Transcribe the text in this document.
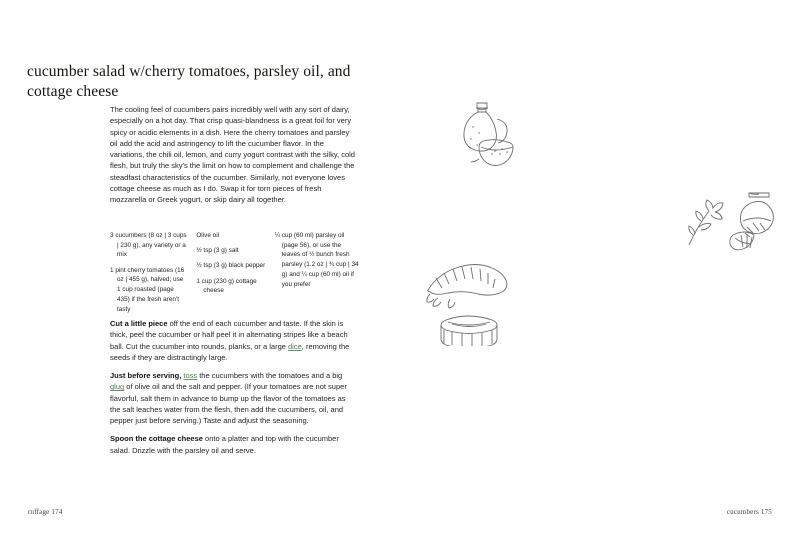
cucumber salad w/cherry tomatoes, parsley oil, and cottage cheese
The cooling feel of cucumbers pairs incredibly well with any sort of dairy, especially on a hot day. That crisp quasi-blandness is a great foil for very spicy or acidic elements in a dish. Here the cherry tomatoes and parsley oil add the acid and astringency to lift the cucumber flavor. In the variations, the chili oil, lemon, and curry yogurt contrast with the silky, cold flesh, but truly the sky's the limit on how to complement and challenge the steadfast characteristics of the cucumber. Similarly, not everyone loves cottage cheese as much as I do. Swap it for torn pieces of fresh mozzarella or Greek yogurt, or skip dairy all together.
3 cucumbers (8 oz | 3 cups | 230 g), any variety or a mix
1 pint cherry tomatoes (16 oz | 455 g), halved; use 1 cup roasted (page 435) if the fresh aren't tasty
Olive oil
½ tsp (3 g) salt
½ tsp (3 g) black pepper
1 cup (230 g) cottage cheese
¼ cup (60 ml) parsley oil (page 56), or use the leaves of ½ bunch fresh parsley (1.2 oz | ¾ cup | 34 g) and ¼ cup (60 ml) oil if you prefer
Cut a little piece off the end of each cucumber and taste. If the skin is thick, peel the cucumber or half peel it in alternating stripes like a beach ball. Cut the cucumber into rounds, planks, or a large dice, removing the seeds if they are distractingly large.
Just before serving, toss the cucumbers with the tomatoes and a big glug of olive oil and the salt and pepper. (If your tomatoes are not super flavorful, salt them in advance to bump up the flavor of the tomatoes as the salt leaches water from the flesh, then add the cucumbers, oil, and pepper just before serving.) Taste and adjust the seasoning.
Spoon the cottage cheese onto a platter and top with the cucumber salad. Drizzle with the parsley oil and serve.
ruffage 174	cucumbers 175
